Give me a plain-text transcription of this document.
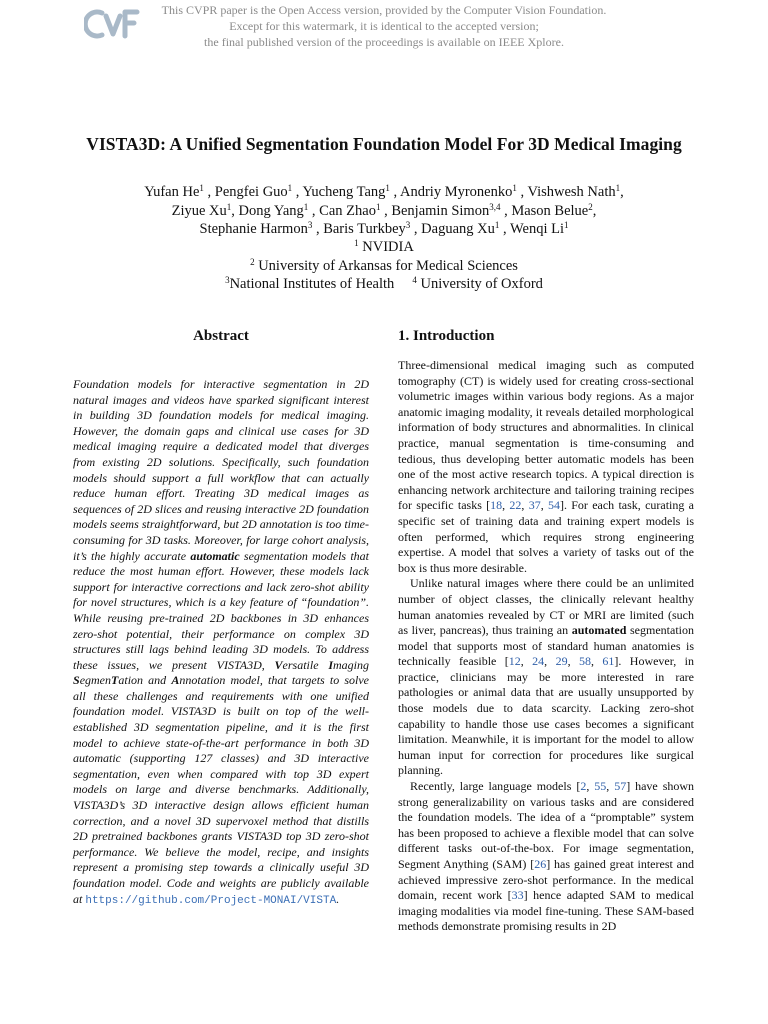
This CVPR paper is the Open Access version, provided by the Computer Vision Foundation.
Except for this watermark, it is identical to the accepted version;
the final published version of the proceedings is available on IEEE Xplore.
VISTA3D: A Unified Segmentation Foundation Model For 3D Medical Imaging
Yufan He$^1$ , Pengfei Guo$^1$ , Yucheng Tang$^1$ , Andriy Myronenko$^1$ , Vishwesh Nath$^1$,
Ziyue Xu$^1$, Dong Yang$^1$ , Can Zhao$^1$ , Benjamin Simon$^{3,4}$ , Mason Belue$^2$,
Stephanie Harmon$^3$ , Baris Turkbey$^3$ , Daguang Xu$^1$ , Wenqi Li$^1$
$^1$ NVIDIA
$^2$ University of Arkansas for Medical Sciences
$^3$National Institutes of Health $^4$ University of Oxford
Abstract	1. Introduction

Foundation models for interactive segmentation in 2D natural images and videos have sparked significant interest in building 3D foundation models for medical imaging. However, the domain gaps and clinical use cases for 3D medical imaging require a dedicated model that diverges from existing 2D solutions. Specifically, such foundation models should support a full workflow that can actually reduce human effort. Treating 3D medical images as sequences of 2D slices and reusing interactive 2D foundation models seems straightforward, but 2D annotation is too time-consuming for 3D tasks. Moreover, for large cohort analysis, it’s the highly accurate automatic segmentation models that reduce the most human effort. However, these models lack support for interactive corrections and lack zero-shot ability for novel structures, which is a key feature of “foundation”. While reusing pre-trained 2D backbones in 3D enhances zero-shot potential, their performance on complex 3D structures still lags behind leading 3D models. To address these issues, we present VISTA3D, Versatile Imaging SegmenTation and Annotation model, that targets to solve all these challenges and requirements with one unified foundation model. VISTA3D is built on top of the well-established 3D segmentation pipeline, and it is the first model to achieve state-of-the-art performance in both 3D automatic (supporting 127 classes) and 3D interactive segmentation, even when compared with top 3D expert models on large and diverse benchmarks. Additionally, VISTA3D’s 3D interactive design allows efficient human correction, and a novel 3D supervoxel method that distills 2D pretrained backbones grants VISTA3D top 3D zero-shot performance. We believe the model, recipe, and insights represent a promising step towards a clinically useful 3D foundation model. Code and weights are publicly available at https://github.com/Project-MONAI/VISTA.

Three-dimensional medical imaging such as computed tomography (CT) is widely used for creating cross-sectional volumetric images within various body regions. As a major anatomic imaging modality, it reveals detailed morphological information of body structures and abnormalities. In clinical practice, manual segmentation is time-consuming and tedious, thus developing better automatic models has been one of the most active research topics. A typical direction is enhancing network architecture and tailoring training recipes for specific tasks [18, 22, 37, 54]. For each task, curating a specific set of training data and training expert models is often performed, which requires strong engineering expertise. A model that solves a variety of tasks out of the box is thus more desirable.

Unlike natural images where there could be an unlimited number of object classes, the clinically relevant healthy human anatomies revealed by CT or MRI are limited (such as liver, pancreas), thus training an automated segmentation model that supports most of standard human anatomies is technically feasible [12, 24, 29, 58, 61]. However, in practice, clinicians may be more interested in rare pathologies or animal data that are usually unsupported by those models due to data scarcity. Lacking zero-shot capability to handle those use cases becomes a significant limitation. Meanwhile, it is important for the model to allow human input for correction for procedures like surgical planning.

Recently, large language models [2, 55, 57] have shown strong generalizability on various tasks and are considered the foundation models. The idea of a “promptable” system has been proposed to achieve a flexible model that can solve different tasks out-of-the-box. For image segmentation, Segment Anything (SAM) [26] has gained great interest and achieved impressive zero-shot performance. In the medical domain, recent work [33] hence adapted SAM to medical imaging modalities via model fine-tuning. These SAM-based methods demonstrate promising results in 2D
